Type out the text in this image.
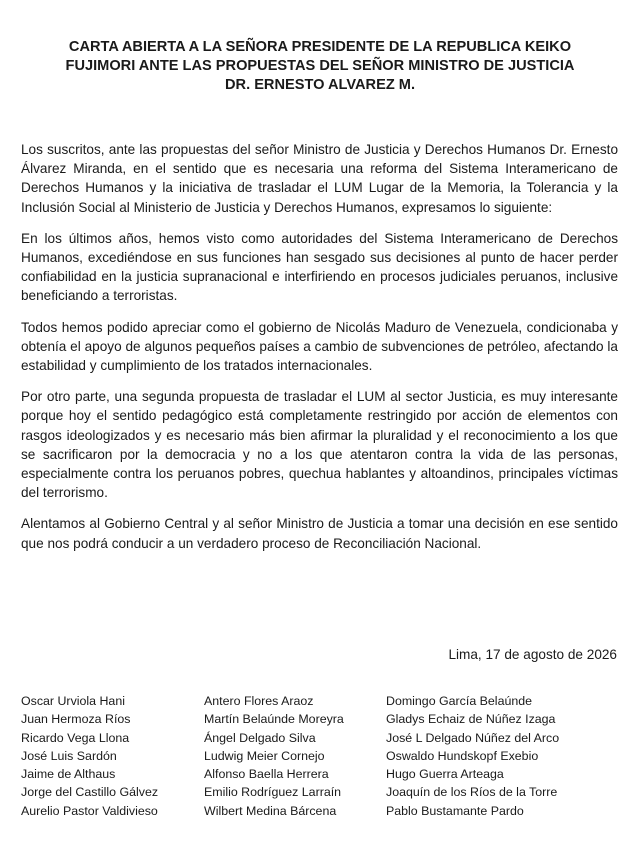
CARTA ABIERTA A LA SEÑORA PRESIDENTE DE LA REPUBLICA KEIKO
FUJIMORI ANTE LAS PROPUESTAS DEL SEÑOR MINISTRO DE JUSTICIA
DR. ERNESTO ALVAREZ M.

Los suscritos, ante las propuestas del señor Ministro de Justicia y Derechos Humanos Dr. Ernesto Álvarez Miranda, en el sentido que es necesaria una reforma del Sistema Interamericano de Derechos Humanos y la iniciativa de trasladar el LUM Lugar de la Memoria, la Tolerancia y la Inclusión Social al Ministerio de Justicia y Derechos Humanos, expresamos lo siguiente:

En los últimos años, hemos visto como autoridades del Sistema Interamericano de Derechos Humanos, excediéndose en sus funciones han sesgado sus decisiones al punto de hacer perder confiabilidad en la justicia supranacional e interfiriendo en procesos judiciales peruanos, inclusive beneficiando a terroristas.

Todos hemos podido apreciar como el gobierno de Nicolás Maduro de Venezuela, condicionaba y obtenía el apoyo de algunos pequeños países a cambio de subvenciones de petróleo, afectando la estabilidad y cumplimiento de los tratados internacionales.

Por otro parte, una segunda propuesta de trasladar el LUM al sector Justicia, es muy interesante porque hoy el sentido pedagógico está completamente restringido por acción de elementos con rasgos ideologizados y es necesario más bien afirmar la pluralidad y el reconocimiento a los que se sacrificaron por la democracia y no a los que atentaron contra la vida de las personas, especialmente contra los peruanos pobres, quechua hablantes y altoandinos, principales víctimas del terrorismo.

Alentamos al Gobierno Central y al señor Ministro de Justicia a tomar una decisión en ese sentido que nos podrá conducir a un verdadero proceso de Reconciliación Nacional.

Lima, 17 de agosto de 2026
Oscar Urviola Hani
Juan Hermoza Ríos
Ricardo Vega Llona
José Luis Sardón
Jaime de Althaus
Jorge del Castillo Gálvez
Aurelio Pastor Valdivieso
Antero Flores Araoz
Martín Belaúnde Moreyra
Ángel Delgado Silva
Ludwig Meier Cornejo
Alfonso Baella Herrera
Emilio Rodríguez Larraín
Wilbert Medina Bárcena
Domingo García Belaúnde
Gladys Echaiz de Núñez Izaga
José L Delgado Núñez del Arco
Oswaldo Hundskopf Exebio
Hugo Guerra Arteaga
Joaquín de los Ríos de la Torre
Pablo Bustamante Pardo
